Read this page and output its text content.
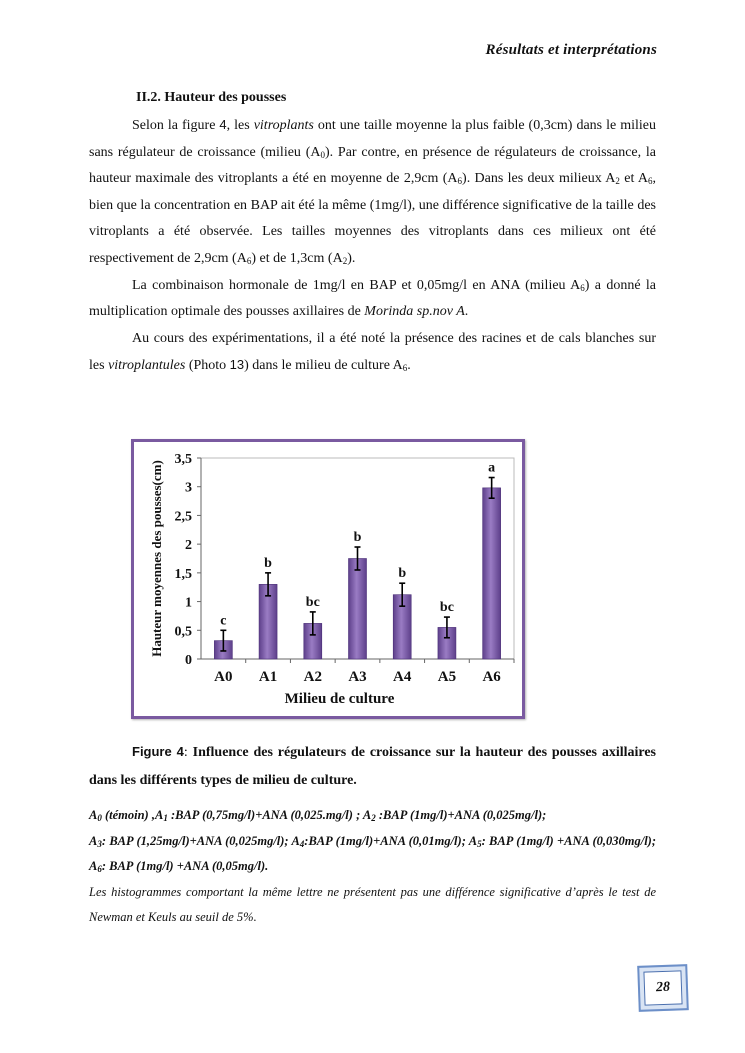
Résultats et interprétations
II.2. Hauteur des pousses

Selon la figure 4, les vitroplants ont une taille moyenne la plus faible (0,3cm) dans le milieu sans régulateur de croissance (milieu $(A_0)$. Par contre, en présence de régulateurs de croissance, la hauteur maximale des vitroplants a été en moyenne de 2,9cm $(A_6)$. Dans les deux milieux $A_2$ et $A_6$, bien que la concentration en BAP ait été la même (1mg/l), une différence significative de la taille des vitroplants a été observée. Les tailles moyennes des vitroplants dans ces milieux ont été respectivement de 2,9cm $(A_6)$ et de 1,3cm $(A_2)$.

La combinaison hormonale de 1mg/l en BAP et 0,05mg/l en ANA (milieu $A_6$) a donné la multiplication optimale des pousses axillaires de Morinda sp.nov A.

Au cours des expérimentations, il a été noté la présence des racines et de cals blanches sur les vitroplantules (Photo 13) dans le milieu de culture $A_6$.

0
0,5
1
1,5
2
2,5
3
3,5
c
A0
b
A1
bc
A2
b
A3
b
A4
bc
A5
a
A6
Milieu de culture
Hauteur moyennes des pousses(cm)

Figure 4: Influence des régulateurs de croissance sur la hauteur des pousses axillaires dans les différents types de milieu de culture.

$A_0$ (témoin) $,A_1$ :BAP (0,75mg/l)+ANA (0,025.mg/l) ; $A_2$ :BAP (1mg/l)+ANA (0,025mg/l);

$A_3$: BAP (1,25mg/l)+ANA (0,025mg/l); $A_4:BAP$ (1mg/l)+ANA (0,01mg/l); $A_5$: BAP (1mg/l) +ANA (0,030mg/l); $A_6$: BAP (1mg/l) +ANA (0,05mg/l).

Les histogrammes comportant la même lettre ne présentent pas une différence significative d’après le test de Newman et Keuls au seuil de 5%.

28
